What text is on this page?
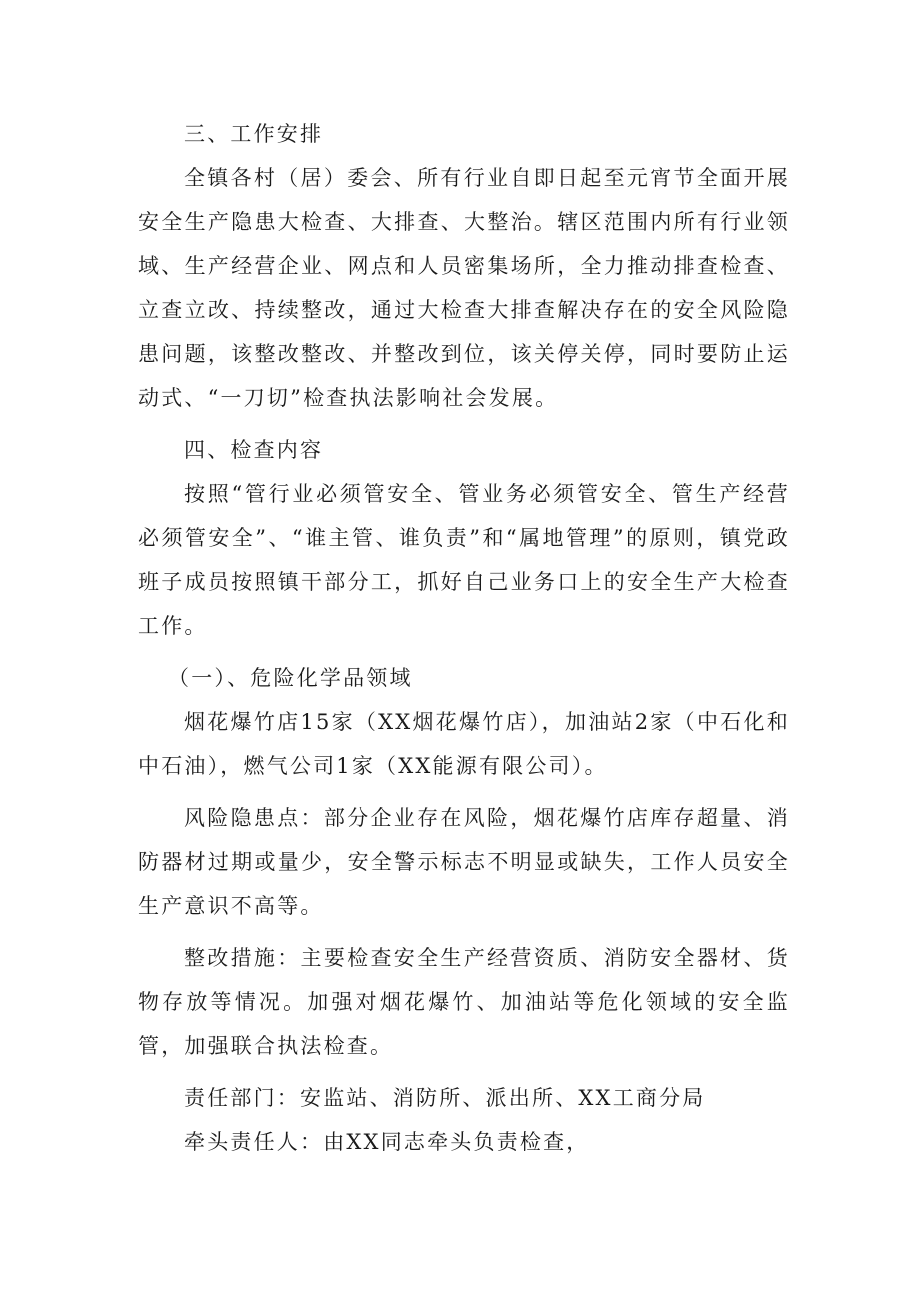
三、工作安排

全镇各村（居）委会、所有行业自即日起至元宵节全面开展安全生产隐患大检查、大排查、大整治。辖区范围内所有行业领域、生产经营企业、网点和人员密集场所，全力推动排查检查、立查立改、持续整改，通过大检查大排查解决存在的安全风险隐患问题，该整改整改、并整改到位，该关停关停，同时要防止运动式、“一刀切”检查执法影响社会发展。

四、检查内容

按照“管行业必须管安全、管业务必须管安全、管生产经营必须管安全”、“谁主管、谁负责”和“属地管理”的原则，镇党政班子成员按照镇干部分工，抓好自己业务口上的安全生产大检查工作。

（一）、危险化学品领域

烟花爆竹店15家（XX烟花爆竹店），加油站2家（中石化和中石油），燃气公司1家（XX能源有限公司）。

风险隐患点：部分企业存在风险，烟花爆竹店库存超量、消防器材过期或量少，安全警示标志不明显或缺失，工作人员安全生产意识不高等。

整改措施：主要检查安全生产经营资质、消防安全器材、货物存放等情况。加强对烟花爆竹、加油站等危化领域的安全监管，加强联合执法检查。

责任部门：安监站、消防所、派出所、XX工商分局

牵头责任人：由XX同志牵头负责检查，
